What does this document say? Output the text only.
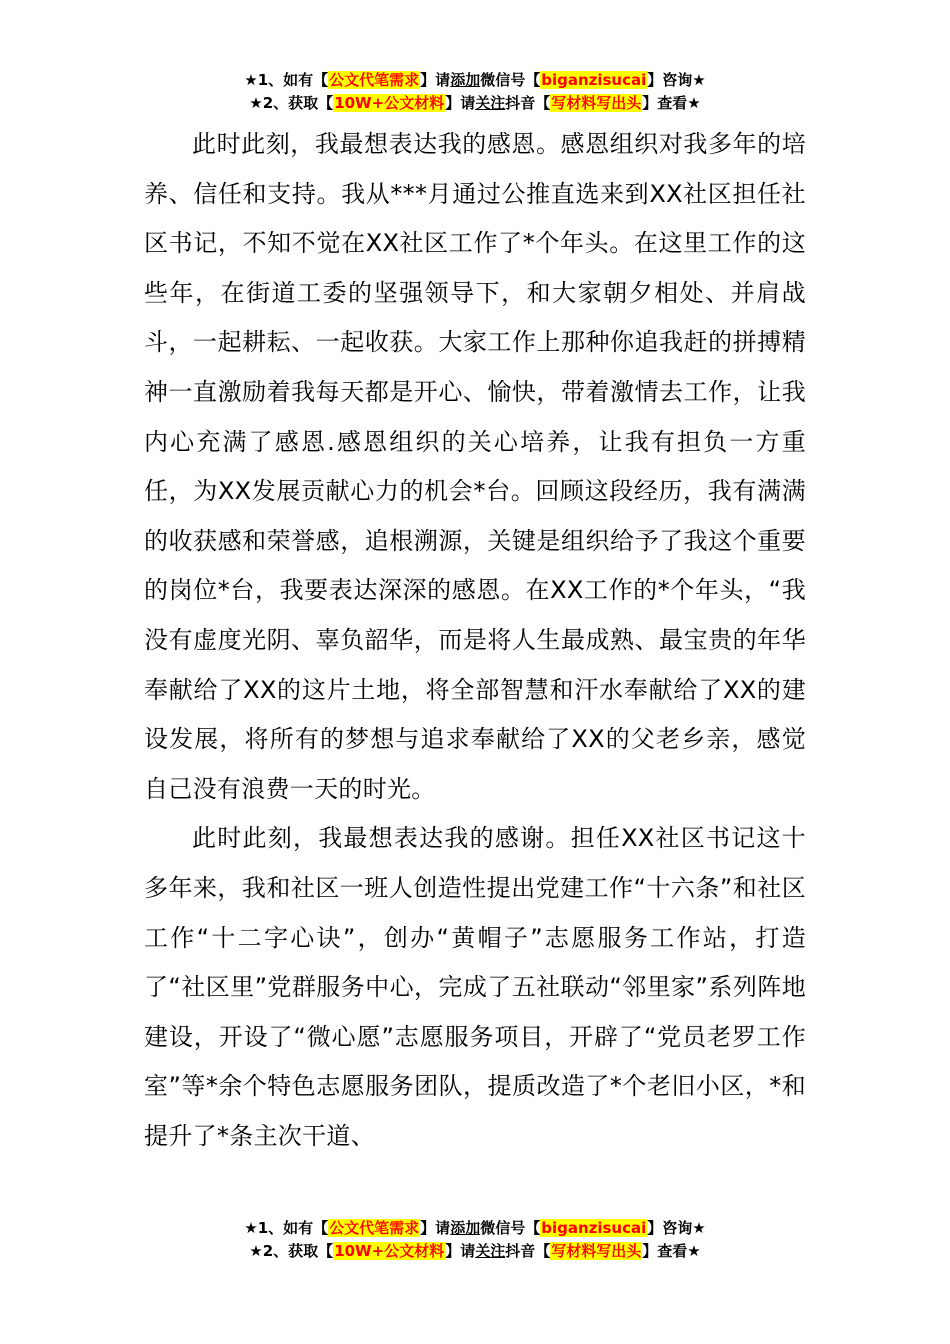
★1、如有【公文代笔需求】请添加微信号【biganzisucai】咨询★
★2、获取【10W+公文材料】请关注抖音【写材料写出头】查看★

此时此刻，我最想表达我的感恩。感恩组织对我多年的培养、信任和支持。我从***月通过公推直选来到XX社区担任社区书记，不知不觉在XX社区工作了*个年头。在这里工作的这些年，在街道工委的坚强领导下，和大家朝夕相处、并肩战斗，一起耕耘、一起收获。大家工作上那种你追我赶的拼搏精神一直激励着我每天都是开心、愉快，带着激情去工作，让我内心充满了感恩.感恩组织的关心培养，让我有担负一方重任，为XX发展贡献心力的机会*台。回顾这段经历，我有满满的收获感和荣誉感，追根溯源，关键是组织给予了我这个重要的岗位*台，我要表达深深的感恩。在XX工作的*个年头，“我没有虚度光阴、辜负韶华，而是将人生最成熟、最宝贵的年华奉献给了XX的这片土地，将全部智慧和汗水奉献给了XX的建设发展，将所有的梦想与追求奉献给了XX的父老乡亲，感觉自己没有浪费一天的时光。

此时此刻，我最想表达我的感谢。担任XX社区书记这十多年来，我和社区一班人创造性提出党建工作“十六条”和社区工作“十二字心诀”，创办“黄帽子”志愿服务工作站，打造了“社区里”党群服务中心，完成了五社联动“邻里家”系列阵地建设，开设了“微心愿”志愿服务项目，开辟了“党员老罗工作室”等*余个特色志愿服务团队，提质改造了*个老旧小区，*和提升了*条主次干道、

★1、如有【公文代笔需求】请添加微信号【biganzisucai】咨询★
★2、获取【10W+公文材料】请关注抖音【写材料写出头】查看★
